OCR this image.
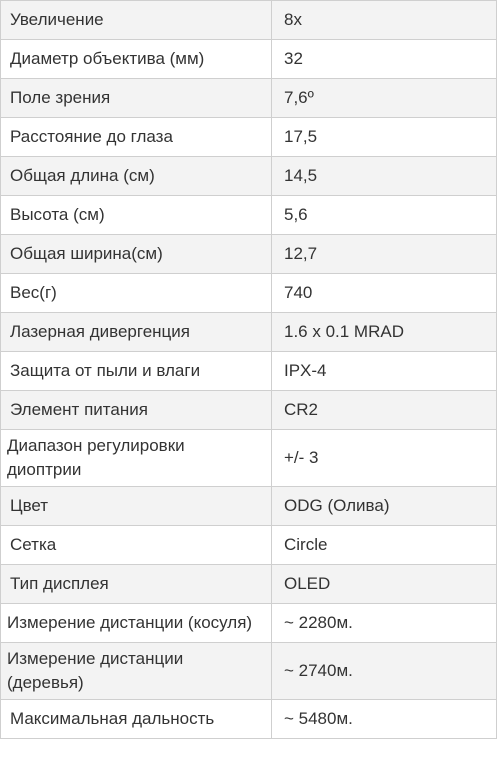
Увеличение	8x
Диаметр объектива (мм)	32
Поле зрения	7,6º
Расстояние до глаза	17,5
Общая длина (см)	14,5
Высота (см)	5,6
Общая ширина(см)	12,7
Вес(г)	740
Лазерная дивергенция	1.6 x 0.1 MRAD
Защита от пыли и влаги	IPX-4
Элемент питания	CR2
Диапазон регулировки диоптрии	+/- 3
Цвет	ODG (Олива)
Сетка	Circle
Тип дисплея	OLED
Измерение дистанции (косуля)	~ 2280м.
Измерение дистанции (деревья)	~ 2740м.
Максимальная дальность	~ 5480м.
